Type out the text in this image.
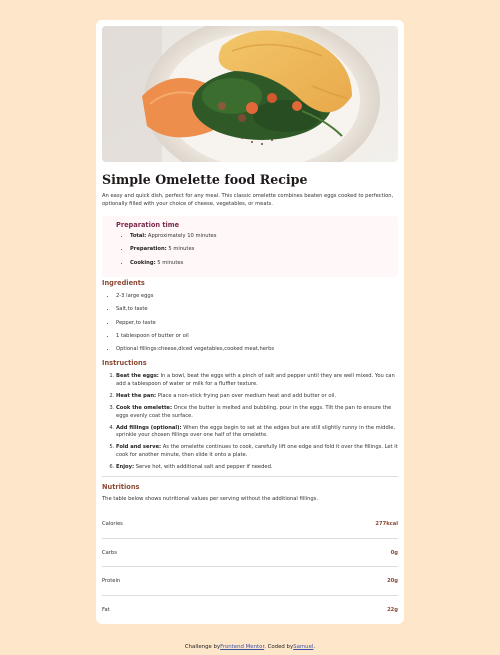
Simple Omelette food Recipe

An easy and quick dish, perfect for any meal. This classic omelette combines beaten eggs cooked to perfection, optionally filled with your choice of cheese, vegetables, or meats.

Preparation time
• Total: Approximately 10 minutes
• Preparation: 5 minutes
• Cooking: 5 minutes
Ingredients
• 2-3 large eggs
• Salt,to taste
• Pepper,to taste
• 1 tablespoon of butter or oil
• Optional fillings:cheese,diced vegetables,cooked meat,herbs
Instructions
1. Beat the eggs: In a bowl, beat the eggs with a pinch of salt and pepper until they are well mixed. You can add a tablespoon of water or milk for a fluffier texture.
2. Heat the pan: Place a non-stick frying pan over medium heat and add butter or oil.
3. Cook the omelette: Once the butter is melted and bubbling, pour in the eggs. Tilt the pan to ensure the eggs evenly coat the surface.
4. Add fillings (optional): When the eggs begin to set at the edges but are still slightly runny in the middle, sprinkle your chosen fillings over one half of the omelette.
5. Fold and serve: As the omelette continues to cook, carefully lift one edge and fold it over the fillings. Let it cook for another minute, then slide it onto a plate.
6. Enjoy: Serve hot, with additional salt and pepper if needed.
Nutritions

The table below shows nutritional values per serving without the additional fillings.

Calories	277kcal
Carbs	0g
Protein	20g
Fat	22g
Challenge byFrontend Mentor. Coded bySamuel.
